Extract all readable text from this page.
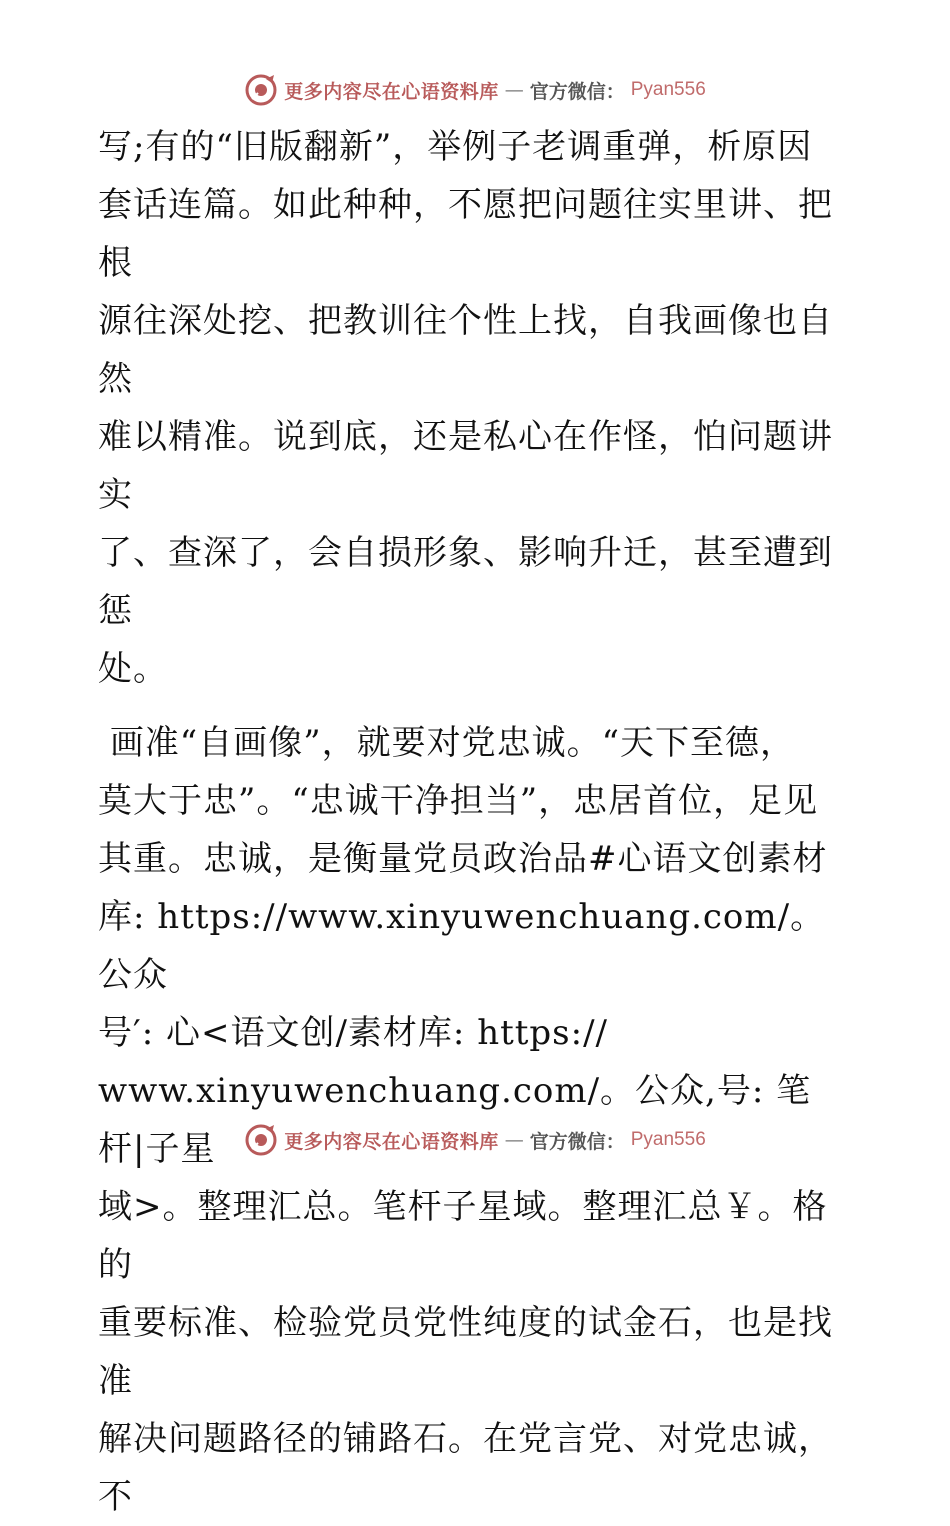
更多内容尽在心语资料库 — 官方微信： Pyan556

写;有的“旧版翻新”，举例子老调重弹，析原因
套话连篇。如此种种，不愿把问题往实里讲、把根
源往深处挖、把教训往个性上找，自我画像也自然
难以精准。说到底，还是私心在作怪，怕问题讲实
了、查深了，会自损形象、影响升迁，甚至遭到惩
处。

画准“自画像”，就要对党忠诚。“天下至德，
莫大于忠”。“忠诚干净担当”，忠居首位，足见
其重。忠诚，是衡量党员政治品#心语文创素材
库: https://www.xinyuwenchuang.com/。公众
号′: 心<语文创/素材库: https://
www.xinyuwenchuang.com/。公众,号: 笔杆|子星
域>。整理汇总。笔杆子星域。整理汇总￥。格的
重要标准、检验党员党性纯度的试金石，也是找准
解决问题路径的铺路石。在党言党、对党忠诚，不

更多内容尽在心语资料库 — 官方微信： Pyan556
